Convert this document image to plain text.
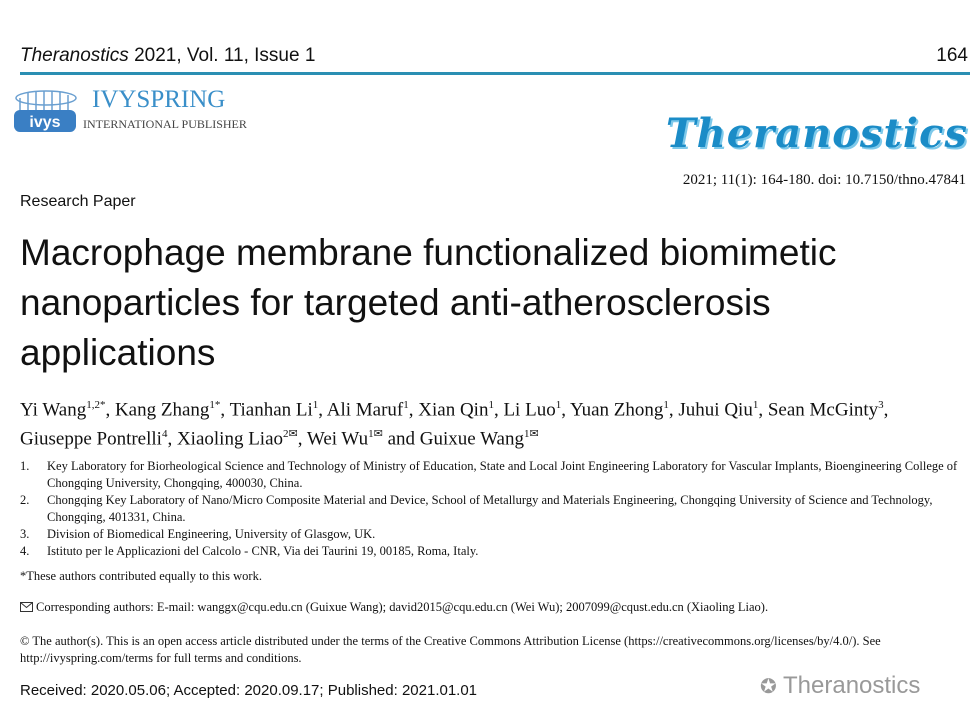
Theranostics 2021, Vol. 11, Issue 1	164
ivys
IVYSPRING
INTERNATIONAL PUBLISHER	Theranostics
2021; 11(1): 164-180. doi: 10.7150/thno.47841
Research Paper
Macrophage membrane functionalized biomimetic nanoparticles for targeted anti-atherosclerosis applications
Yi Wang$^{1,2*}$, Kang Zhang$^{1*}$, Tianhan Li$^1$, Ali Maruf$^1$, Xian Qin$^1$, Li Luo$^1$, Yuan Zhong$^1$, Juhui Qiu$^1$, Sean McGinty$^3$, Giuseppe Pontrelli$^4$, Xiaoling Liao$^{2✉}$, Wei $Wu^{1✉}$ and Guixue Wang$^{1✉}$
1. Key Laboratory for Biorheological Science and Technology of Ministry of Education, State and Local Joint Engineering Laboratory for Vascular Implants, Bioengineering College of Chongqing University, Chongqing, 400030, China.
2. Chongqing Key Laboratory of Nano/Micro Composite Material and Device, School of Metallurgy and Materials Engineering, Chongqing University of Science and Technology, Chongqing, 401331, China.
3. Division of Biomedical Engineering, University of Glasgow, UK.
4. Istituto per le Applicazioni del Calcolo - CNR, Via dei Taurini 19, 00185, Roma, Italy.
*These authors contributed equally to this work.
Corresponding authors: E-mail: wanggx@cqu.edu.cn (Guixue Wang); david2015@cqu.edu.cn (Wei Wu); 2007099@cqust.edu.cn (Xiaoling Liao).
© The author(s). This is an open access article distributed under the terms of the Creative Commons Attribution License (https://creativecommons.org/licenses/by/4.0/). See http://ivyspring.com/terms for full terms and conditions.
Received: 2020.05.06; Accepted: 2020.09.17; Published: 2021.01.01	✪ Theranostics
